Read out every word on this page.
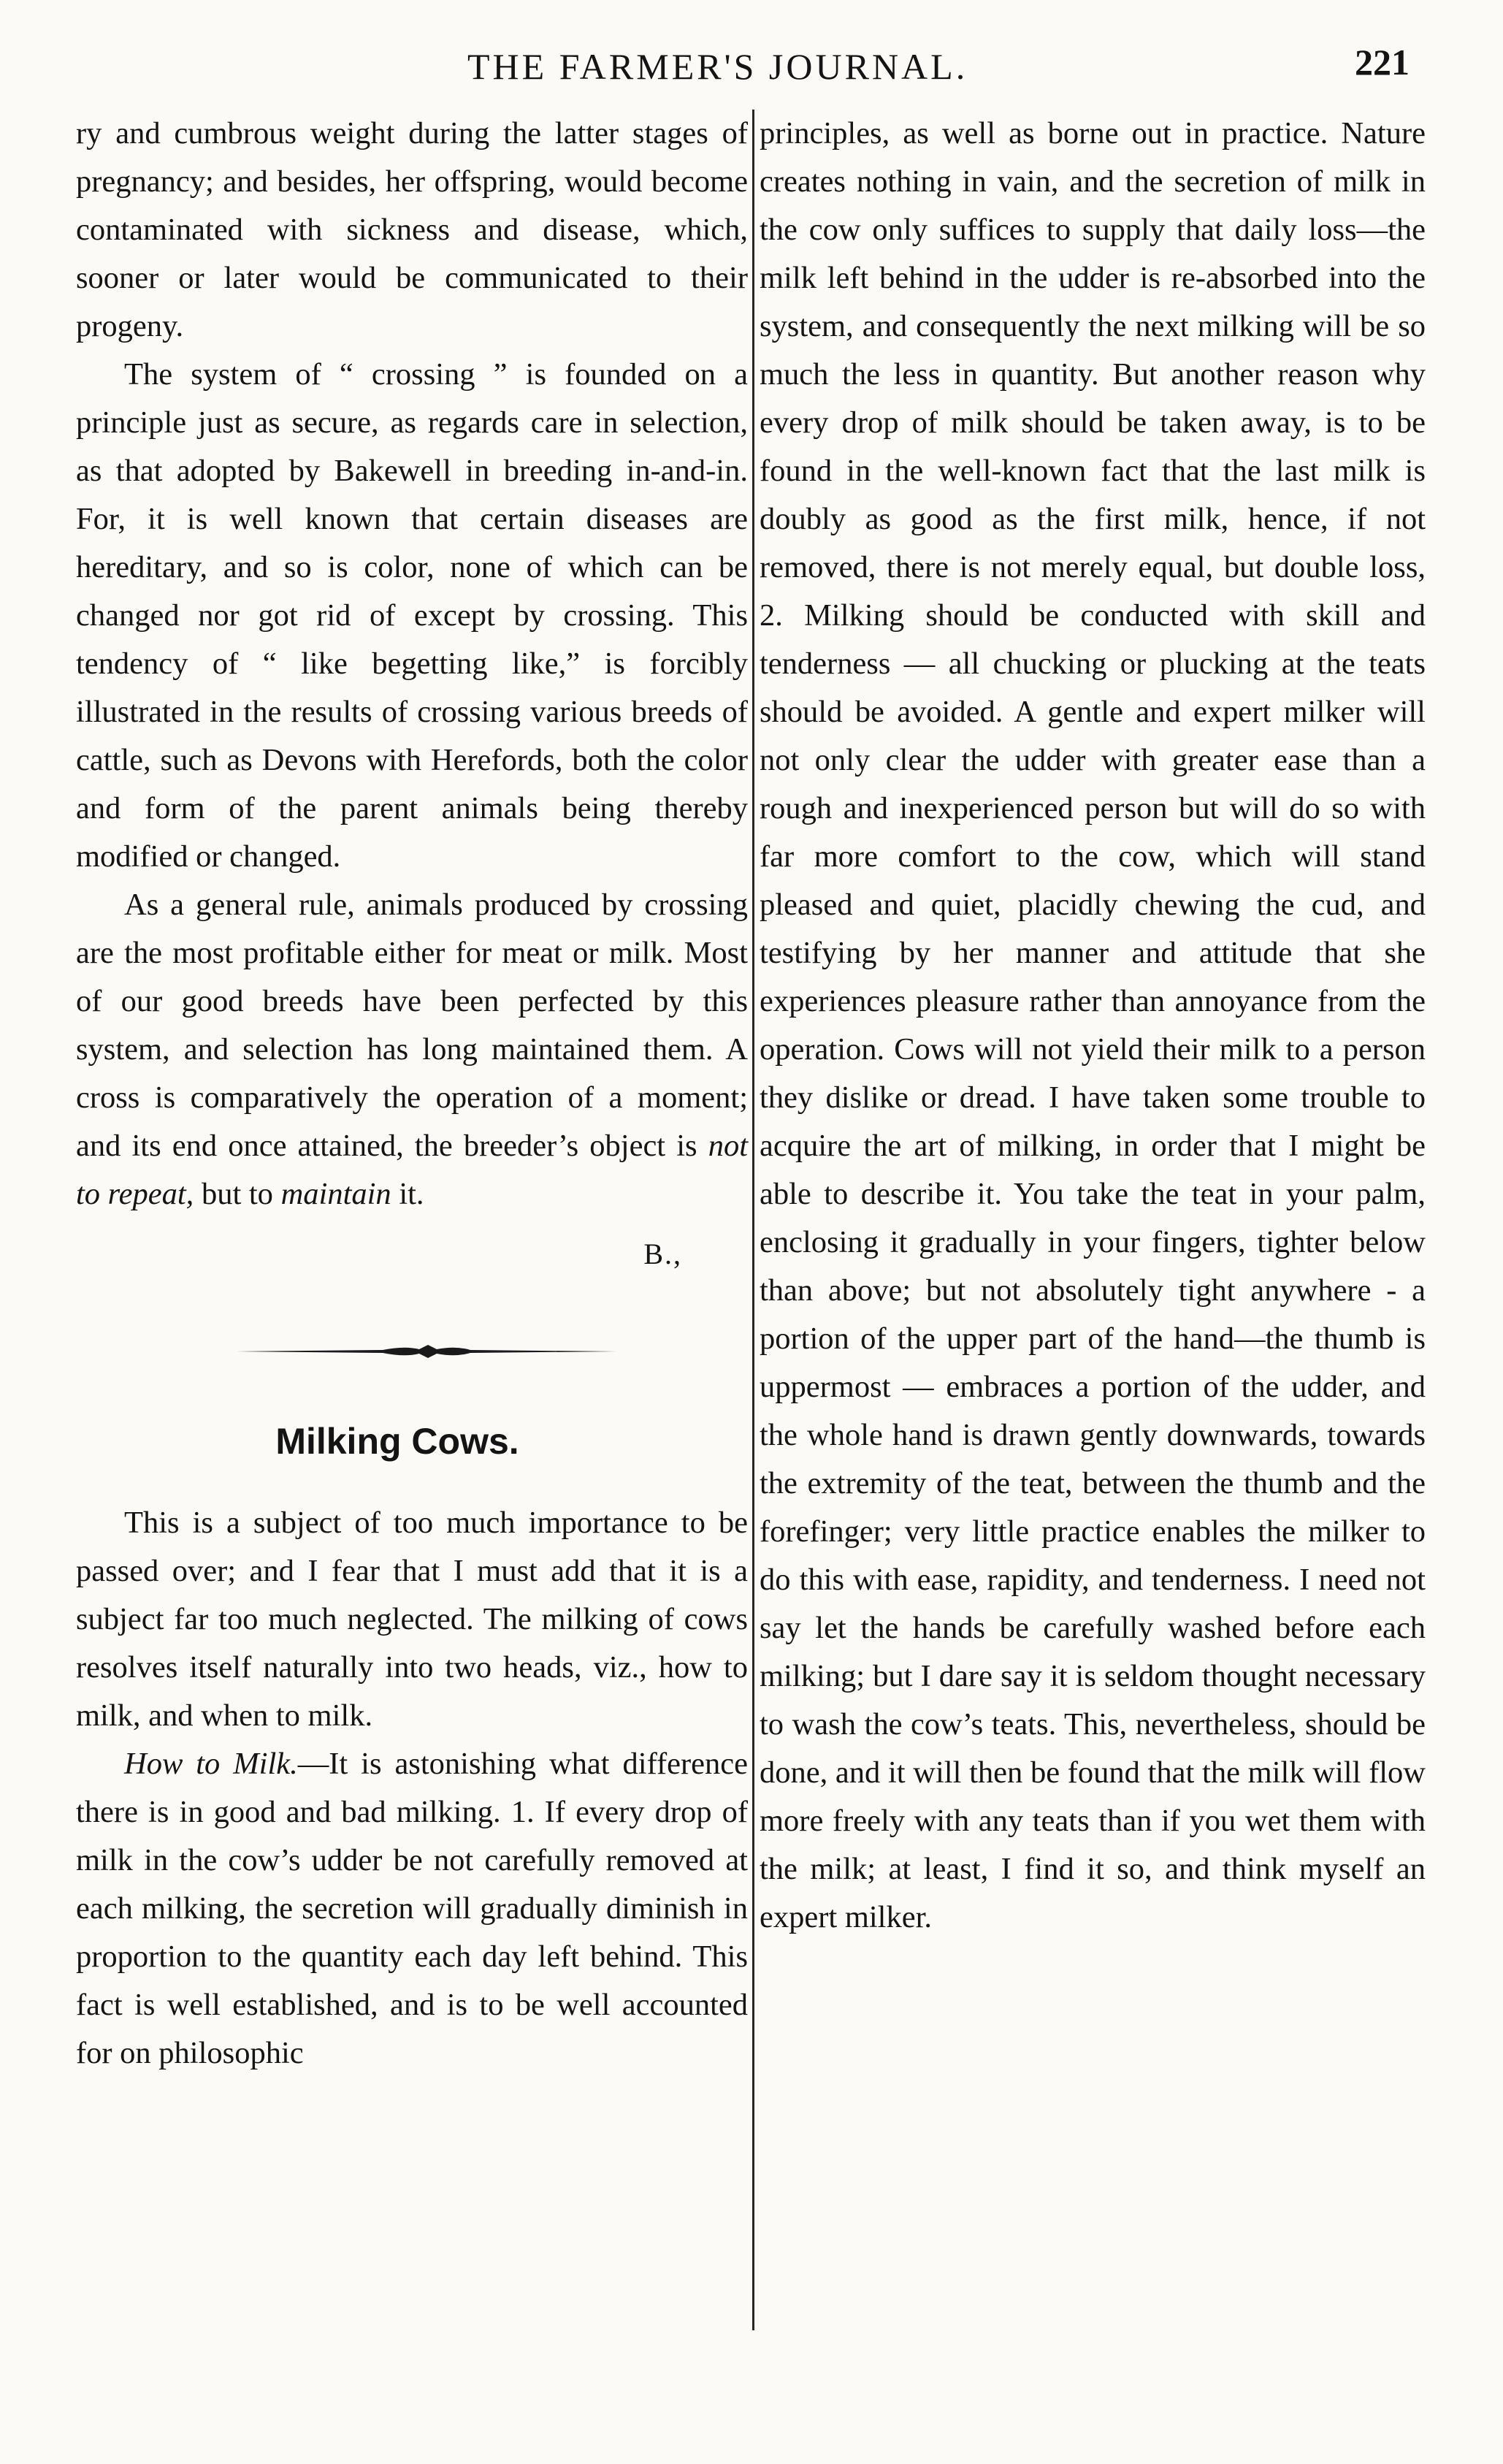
THE FARMER'S JOURNAL.	221

ry and cumbrous weight during the latter stages of pregnancy; and besides, her offspring, would become contaminated with sickness and disease, which, sooner or later would be communicated to their progeny.

The system of “ crossing ” is founded on a principle just as secure, as regards care in selection, as that adopted by Bakewell in breeding in-and-in. For, it is well known that certain diseases are hereditary, and so is color, none of which can be changed nor got rid of except by crossing. This tendency of “ like begetting like,” is forcibly illustrated in the results of crossing various breeds of cattle, such as Devons with Herefords, both the color and form of the parent animals being thereby modified or changed.

As a general rule, animals produced by crossing are the most profitable either for meat or milk. Most of our good breeds have been perfected by this system, and selection has long maintained them. A cross is comparatively the operation of a moment; and its end once attained, the breeder’s object is not to repeat, but to maintain it.

B.,
Milking Cows.

This is a subject of too much importance to be passed over; and I fear that I must add that it is a subject far too much neglected. The milking of cows resolves itself naturally into two heads, viz., how to milk, and when to milk.

How to Milk.—It is astonishing what difference there is in good and bad milking. 1. If every drop of milk in the cow’s udder be not carefully removed at each milking, the secretion will gradually diminish in proportion to the quantity each day left behind. This fact is well established, and is to be well accounted for on philosophic

principles, as well as borne out in practice. Nature creates nothing in vain, and the secretion of milk in the cow only suffices to supply that daily loss—the milk left behind in the udder is re-absorbed into the system, and consequently the next milking will be so much the less in quantity. But another reason why every drop of milk should be taken away, is to be found in the well-known fact that the last milk is doubly as good as the first milk, hence, if not removed, there is not merely equal, but double loss, 2. Milking should be conducted with skill and tenderness — all chucking or plucking at the teats should be avoided. A gentle and expert milker will not only clear the udder with greater ease than a rough and inexperienced person but will do so with far more comfort to the cow, which will stand pleased and quiet, placidly chewing the cud, and testifying by her manner and attitude that she experiences pleasure rather than annoyance from the operation. Cows will not yield their milk to a person they dislike or dread. I have taken some trouble to acquire the art of milking, in order that I might be able to describe it. You take the teat in your palm, enclosing it gradually in your fingers, tighter below than above; but not absolutely tight anywhere - a portion of the upper part of the hand—the thumb is uppermost — embraces a portion of the udder, and the whole hand is drawn gently downwards, towards the extremity of the teat, between the thumb and the forefinger; very little practice enables the milker to do this with ease, rapidity, and tenderness. I need not say let the hands be carefully washed before each milking; but I dare say it is seldom thought necessary to wash the cow’s teats. This, nevertheless, should be done, and it will then be found that the milk will flow more freely with any teats than if you wet them with the milk; at least, I find it so, and think myself an expert milker.
